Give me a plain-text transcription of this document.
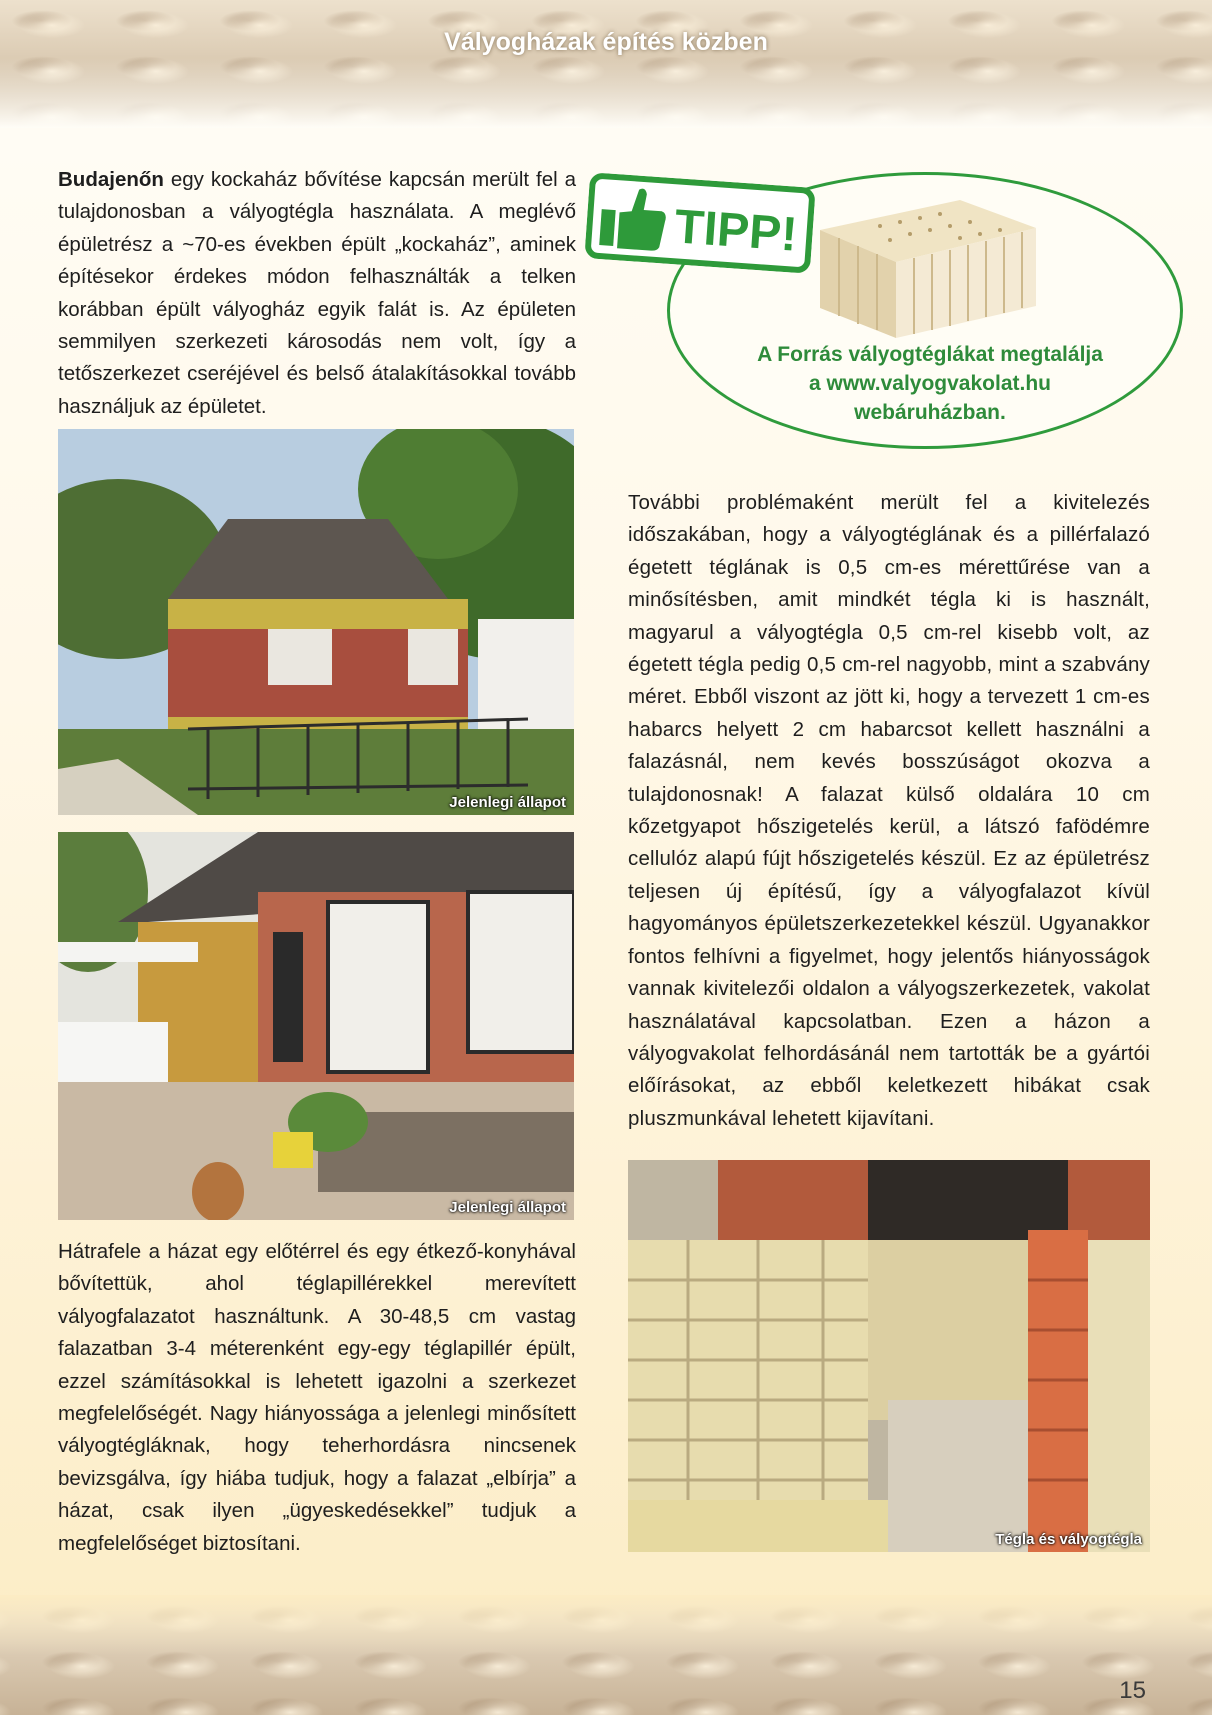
Vályogházak építés közben
Budajenőn egy kockaház bővítése kapcsán merült fel a tulajdonosban a vályogtégla használata. A meglévő épületrész a ~70-es években épült „kockaház”, aminek építésekor érdekes módon felhasználták a telken korábban épült vályogház egyik falát is. Az épületen semmilyen szerkezeti károsodás nem volt, így a tetőszerkezet cseréjével és belső átalakításokkal tovább használjuk az épületet.
TIPP!
A Forrás vályogtéglákat megtalálja
a www.valyogvakolat.hu
webáruházban.
Jelenlegi állapot
Jelenlegi állapot
További problémaként merült fel a kivitelezés időszakában, hogy a vályogtéglának és a pillérfalazó égetett téglának is 0,5 cm-es mérettűrése van a minősítésben, amit mindkét tégla ki is használt, magyarul a vályogtégla 0,5 cm-rel kisebb volt, az égetett tégla pedig 0,5 cm-rel nagyobb, mint a szabvány méret. Ebből viszont az jött ki, hogy a tervezett 1 cm-es habarcs helyett 2 cm habarcsot kellett használni a falazásnál, nem kevés bosszúságot okozva a tulajdonosnak! A falazat külső oldalára 10 cm kőzetgyapot hőszigetelés kerül, a látszó fafödémre cellulóz alapú fújt hőszigetelés készül. Ez az épületrész teljesen új építésű, így a vályogfalazot kívül hagyományos épületszerkezetekkel készül. Ugyanakkor fontos felhívni a figyelmet, hogy jelentős hiányosságok vannak kivitelezői oldalon a vályogszerkezetek, vakolat használatával kapcsolatban. Ezen a házon a vályogvakolat felhordásánál nem tartották be a gyártói előírásokat, az ebből keletkezett hibákat csak pluszmunkával lehetett kijavítani.
Tégla és vályogtégla
Hátrafele a házat egy előtérrel és egy étkező-konyhával bővítettük, ahol téglapillérekkel merevített vályogfalazatot használtunk. A 30-48,5 cm vastag falazatban 3-4 méterenként egy-egy téglapillér épült, ezzel számításokkal is lehetett igazolni a szerkezet megfelelőségét. Nagy hiányossága a jelenlegi minősített vályogtégláknak, hogy teherhordásra nincsenek bevizsgálva, így hiába tudjuk, hogy a falazat „elbírja” a házat, csak ilyen „ügyeskedésekkel” tudjuk a megfelelőséget biztosítani.
15
